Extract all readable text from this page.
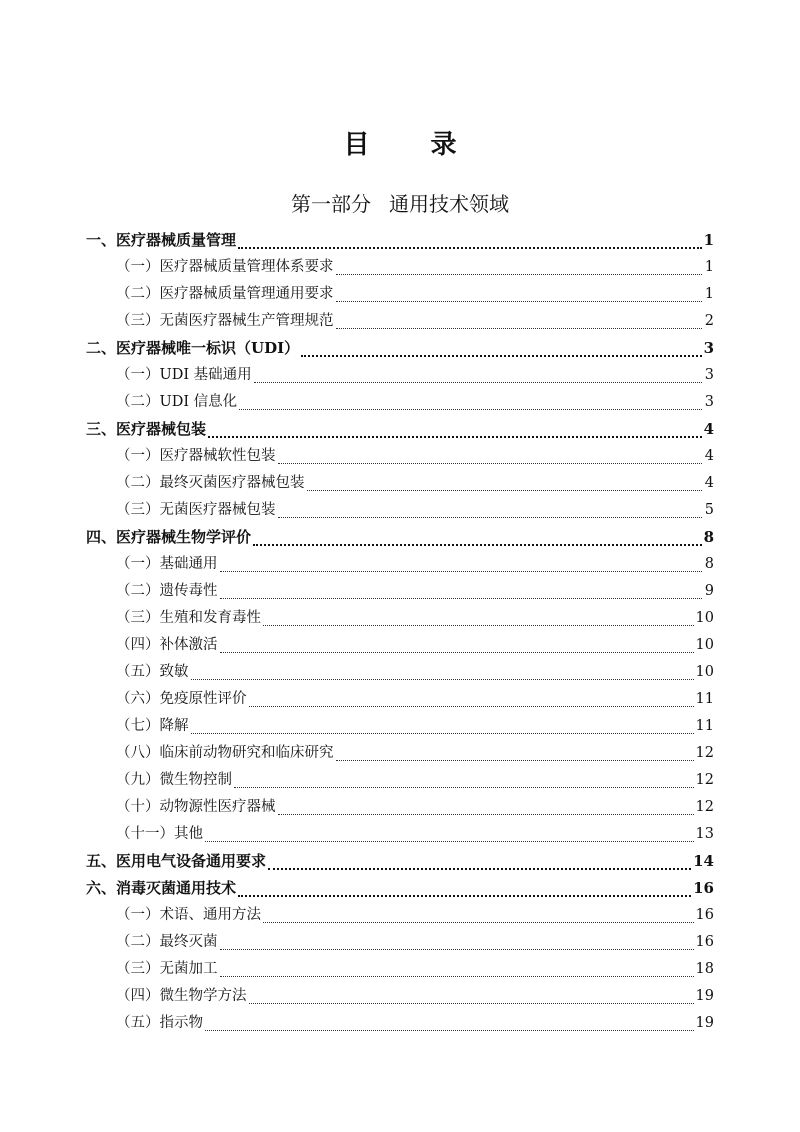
目 录
第一部分 通用技术领域
一、医疗器械质量管理	1
（一）医疗器械质量管理体系要求	1
（二）医疗器械质量管理通用要求	1
（三）无菌医疗器械生产管理规范	2
二、医疗器械唯一标识（UDI）	3
（一）UDI 基础通用	3
（二）UDI 信息化	3
三、医疗器械包装	4
（一）医疗器械软性包装	4
（二）最终灭菌医疗器械包装	4
（三）无菌医疗器械包装	5
四、医疗器械生物学评价	8
（一）基础通用	8
（二）遗传毒性	9
（三）生殖和发育毒性	10
（四）补体激活	10
（五）致敏	10
（六）免疫原性评价	11
（七）降解	11
（八）临床前动物研究和临床研究	12
（九）微生物控制	12
（十）动物源性医疗器械	12
（十一）其他	13
五、医用电气设备通用要求	14
六、消毒灭菌通用技术	16
（一）术语、通用方法	16
（二）最终灭菌	16
（三）无菌加工	18
（四）微生物学方法	19
（五）指示物	19
